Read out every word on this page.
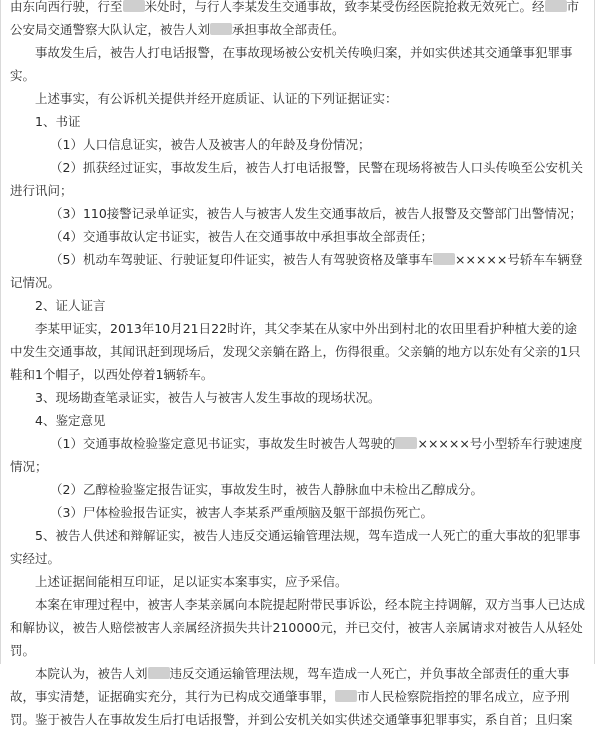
由东向西行驶，行至 米处时，与行人李某发生交通事故，致李某受伤经医院抢救无效死亡。经 市公安局交通警察大队认定，被告人刘 承担事故全部责任。

事故发生后，被告人打电话报警，在事故现场被公安机关传唤归案，并如实供述其交通肇事犯罪事实。

上述事实，有公诉机关提供并经开庭质证、认证的下列证据证实：

1、书证

（1）人口信息证实，被告人及被害人的年龄及身份情况；

（2）抓获经过证实，事故发生后，被告人打电话报警，民警在现场将被告人口头传唤至公安机关进行讯问；

（3）110接警记录单证实，被告人与被害人发生交通事故后，被告人报警及交警部门出警情况；

（4）交通事故认定书证实，被告人在交通事故中承担事故全部责任；

（5）机动车驾驶证、行驶证复印件证实，被告人有驾驶资格及肇事车 ×××××号轿车车辆登记情况。

2、证人证言

李某甲证实，2013年10月21日22时许，其父李某在从家中外出到村北的农田里看护种植大姜的途中发生交通事故，其闻讯赶到现场后，发现父亲躺在路上，伤得很重。父亲躺的地方以东处有父亲的1只鞋和1个帽子，以西处停着1辆轿车。

3、现场勘查笔录证实，被告人与被害人发生事故的现场状况。

4、鉴定意见

（1）交通事故检验鉴定意见书证实，事故发生时被告人驾驶的 ×××××号小型轿车行驶速度情况；

（2）乙醇检验鉴定报告证实，事故发生时，被告人静脉血中未检出乙醇成分。

（3）尸体检验报告证实，被害人李某系严重颅脑及躯干部损伤死亡。

5、被告人供述和辩解证实，被告人违反交通运输管理法规，驾车造成一人死亡的重大事故的犯罪事实经过。

上述证据间能相互印证，足以证实本案事实，应予采信。

本案在审理过程中，被害人李某亲属向本院提起附带民事诉讼，经本院主持调解，双方当事人已达成和解协议，被告人赔偿被害人亲属经济损失共计210000元，并已交付，被害人亲属请求对被告人从轻处罚。

本院认为，被告人刘 违反交通运输管理法规，驾车造成一人死亡，并负事故全部责任的重大事故，事实清楚，证据确实充分，其行为已构成交通肇事罪， 市人民检察院指控的罪名成立，应予刑罚。鉴于被告人在事故发生后打电话报警，并到公安机关如实供述交通肇事犯罪事实，系自首；且归案
